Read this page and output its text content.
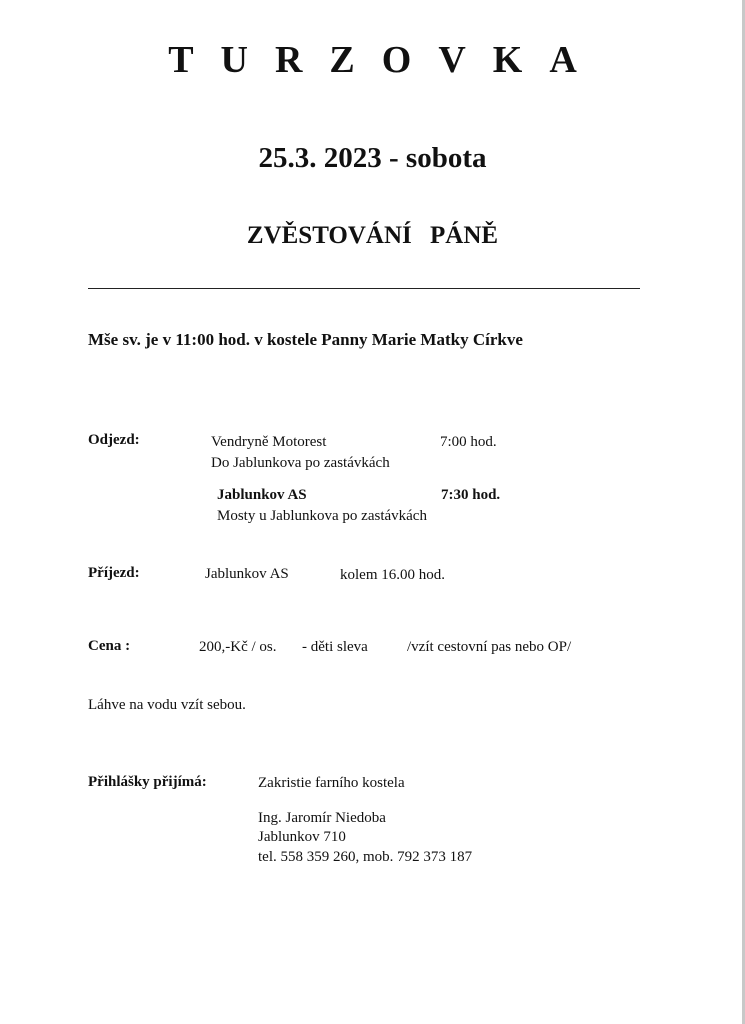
TURZOVKA
25.3. 2023 - sobota
ZVĚSTOVÁNÍ PÁNĚ
Mše sv. je v 11:00 hod. v kostele Panny Marie Matky Církve
Odjezd:	Vendryně Motorest	7:00 hod.
Do Jablunkova po zastávkách
Jablunkov AS	7:30 hod.
Mosty u Jablunkova po zastávkách
Příjezd:	Jablunkov AS	kolem 16.00 hod.
Cena :	200,-Kč / os. - děti sleva	/vzít cestovní pas nebo OP/
Láhve na vodu vzít sebou.
Přihlášky přijímá:	Zakristie farního kostela
Ing. Jaromír Niedoba
Jablunkov 710
tel. 558 359 260, mob. 792 373 187
